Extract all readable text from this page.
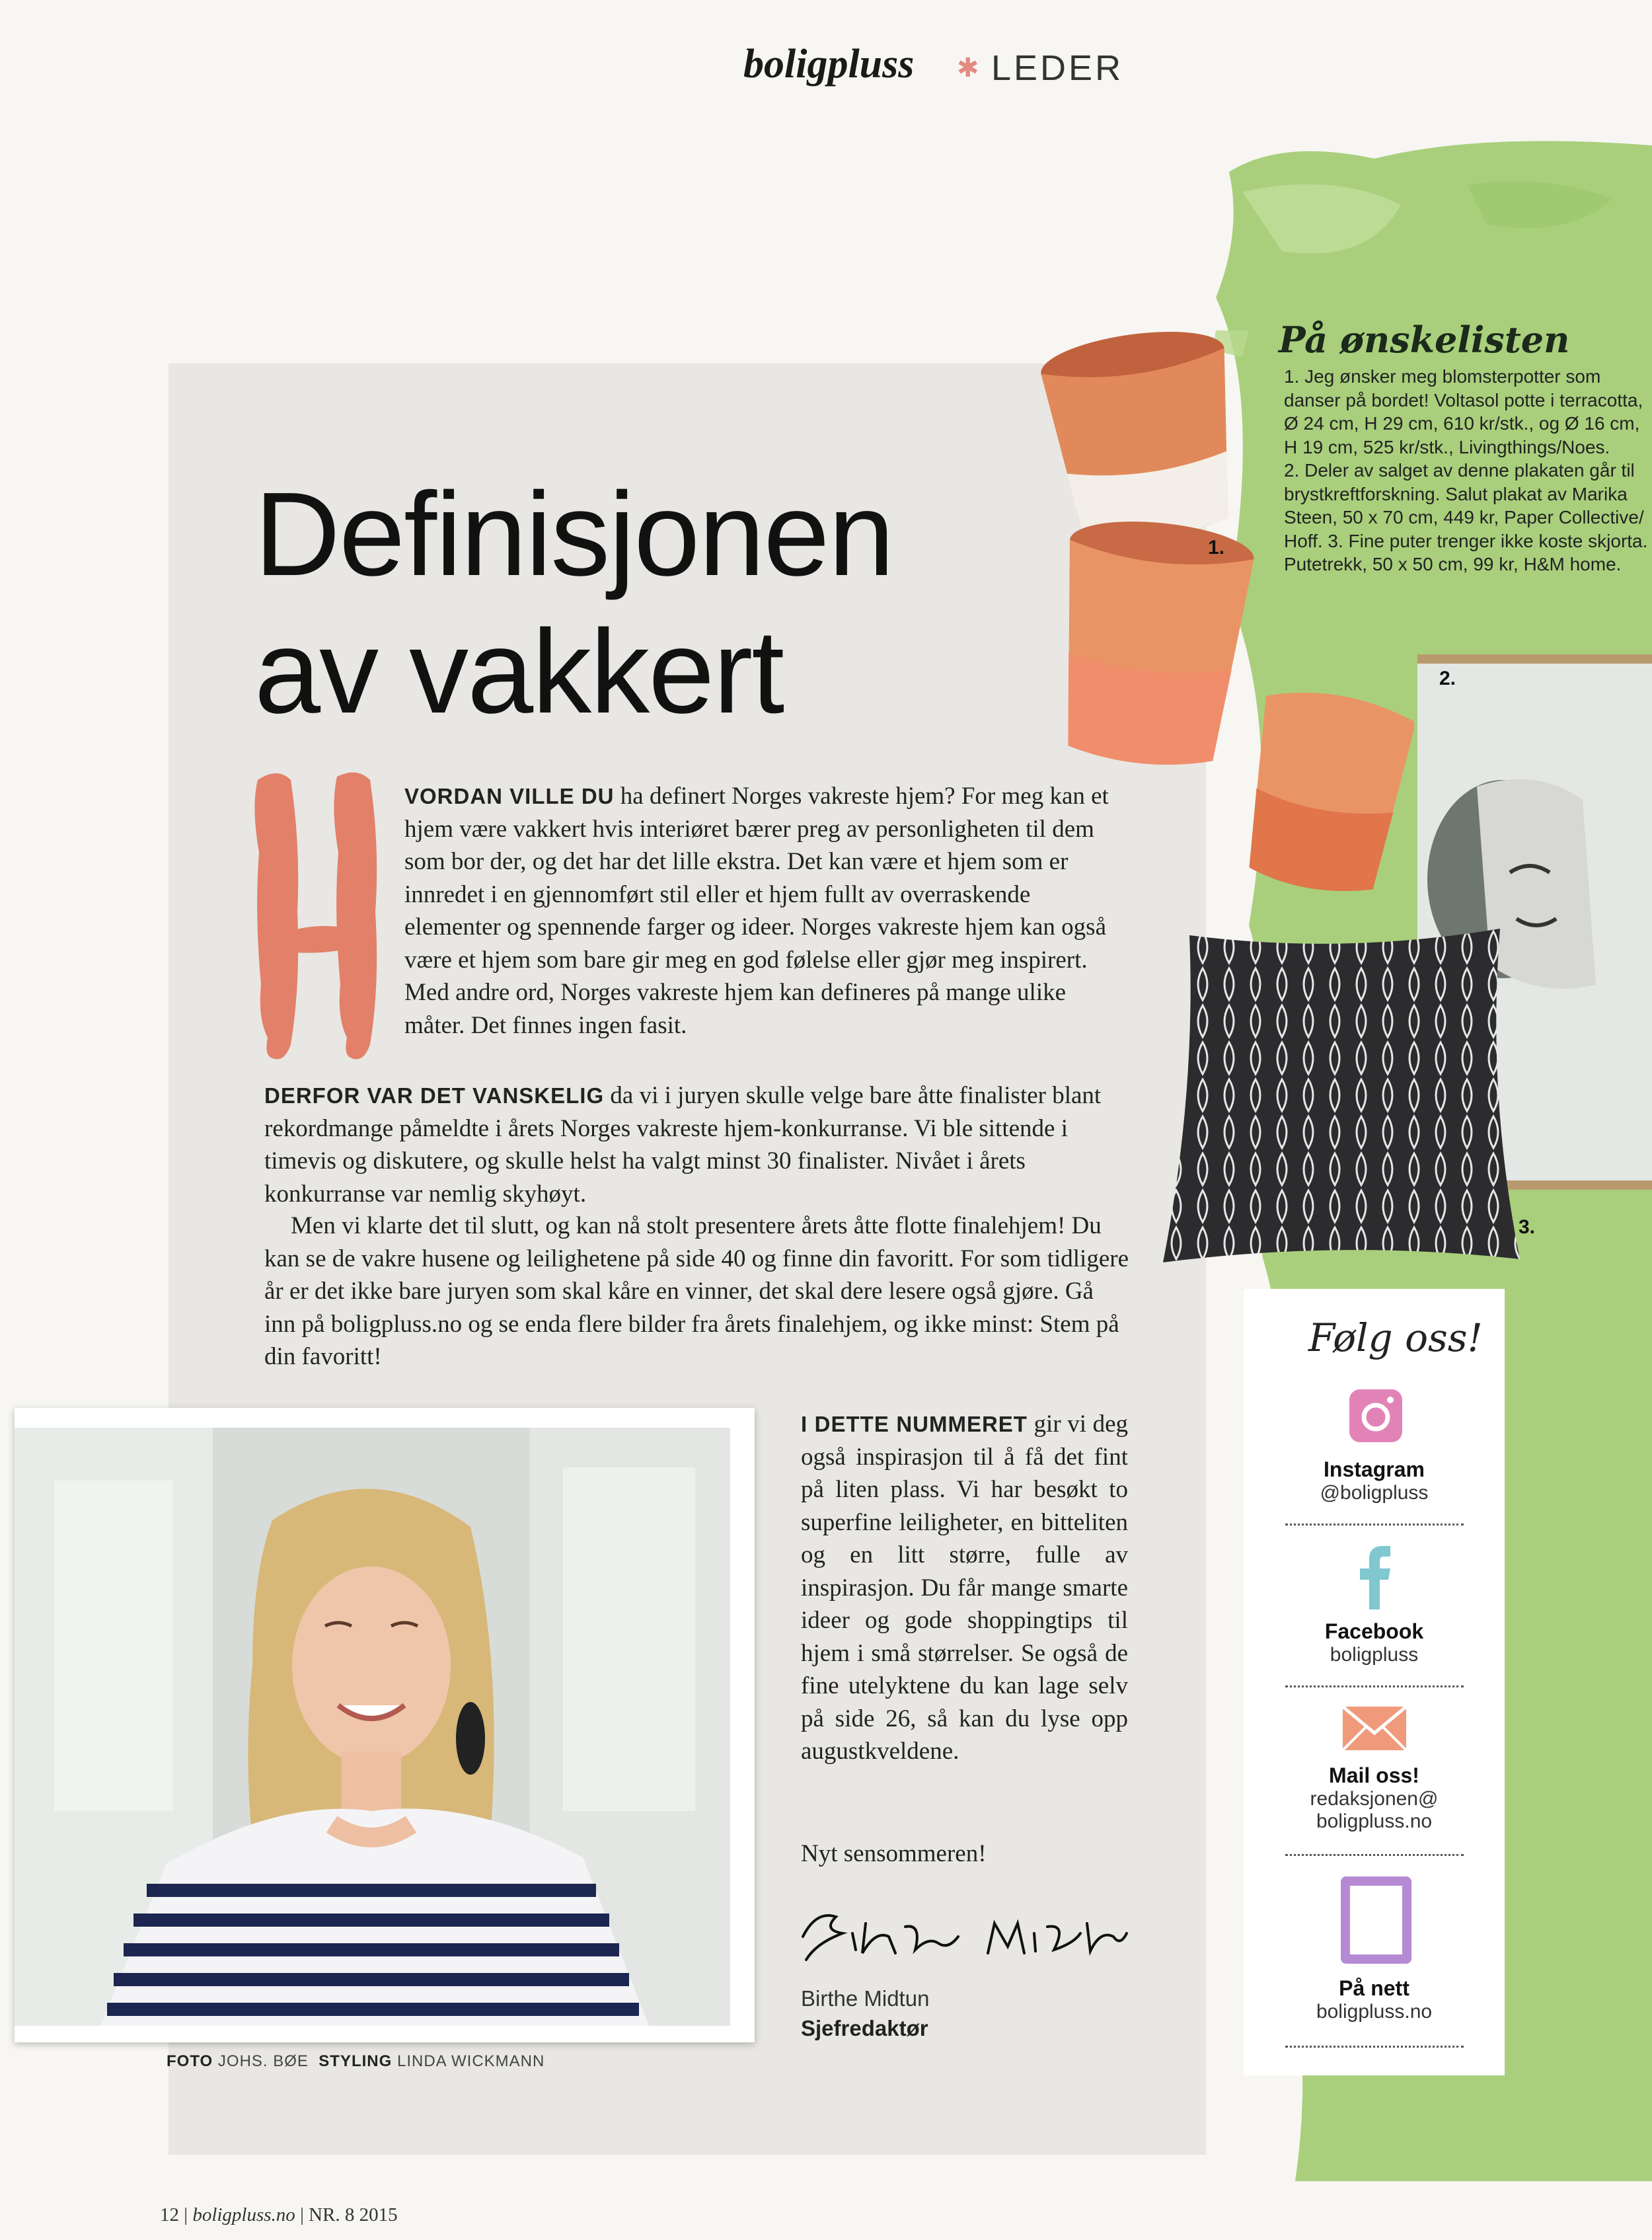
boligpluss ✱ LEDER
Definisjonen
av vakkert
VORDAN VILLE DU ha definert Norges vakreste hjem? For meg kan et hjem være vakkert hvis interiøret bærer preg av personligheten til dem som bor der, og det har det lille ekstra. Det kan være et hjem som er innredet i en gjennomført stil eller et hjem fullt av overraskende elementer og spennende farger og ideer. Norges vakreste hjem kan også være et hjem som bare gir meg en god følelse eller gjør meg inspirert. Med andre ord, Norges vakreste hjem kan defineres på mange ulike måter. Det finnes ingen fasit.
DERFOR VAR DET VANSKELIG da vi i juryen skulle velge bare åtte finalister blant rekordmange påmeldte i årets Norges vakreste hjem-konkurranse. Vi ble sittende i timevis og diskutere, og skulle helst ha valgt minst 30 finalister. Nivået i årets konkurranse var nemlig skyhøyt.
Men vi klarte det til slutt, og kan nå stolt presentere årets åtte flotte finalehjem! Du kan se de vakre husene og leilighetene på side 40 og finne din favoritt. For som tidligere år er det ikke bare juryen som skal kåre en vinner, det skal dere lesere også gjøre. Gå inn på boligpluss.no og se enda flere bilder fra årets finalehjem, og ikke minst: Stem på din favoritt!
I DETTE NUMMERET gir vi deg også inspirasjon til å få det fint på liten plass. Vi har besøkt to superfine leiligheter, en bitteliten og en litt større, fulle av inspirasjon. Du får mange smarte ideer og gode shoppingtips til hjem i små størrelser. Se også de fine utelyktene du kan lage selv på side 26, så kan du lyse opp augustkveldene.
Nyt sensommeren!
Birthe Midtun
Sjefredaktør
FOTO JOHS. BØE STYLING LINDA WICKMANN
12 | boligpluss.no | NR. 8 2015
1.
2.
3.
På ønskelisten
1. Jeg ønsker meg blomsterpotter som
danser på bordet! Voltasol potte i terracotta,
Ø 24 cm, H 29 cm, 610 kr/stk., og Ø 16 cm,
H 19 cm, 525 kr/stk., Livingthings/Noes.
2. Deler av salget av denne plakaten går til
brystkreftforskning. Salut plakat av Marika
Steen, 50 x 70 cm, 449 kr, Paper Collective/
Hoff. 3. Fine puter trenger ikke koste skjorta.
Putetrekk, 50 x 50 cm, 99 kr, H&M home.
Følg oss!
Instagram
@boligpluss
Facebook
boligpluss
Mail oss!
redaksjonen@
boligpluss.no
På nett
boligpluss.no
